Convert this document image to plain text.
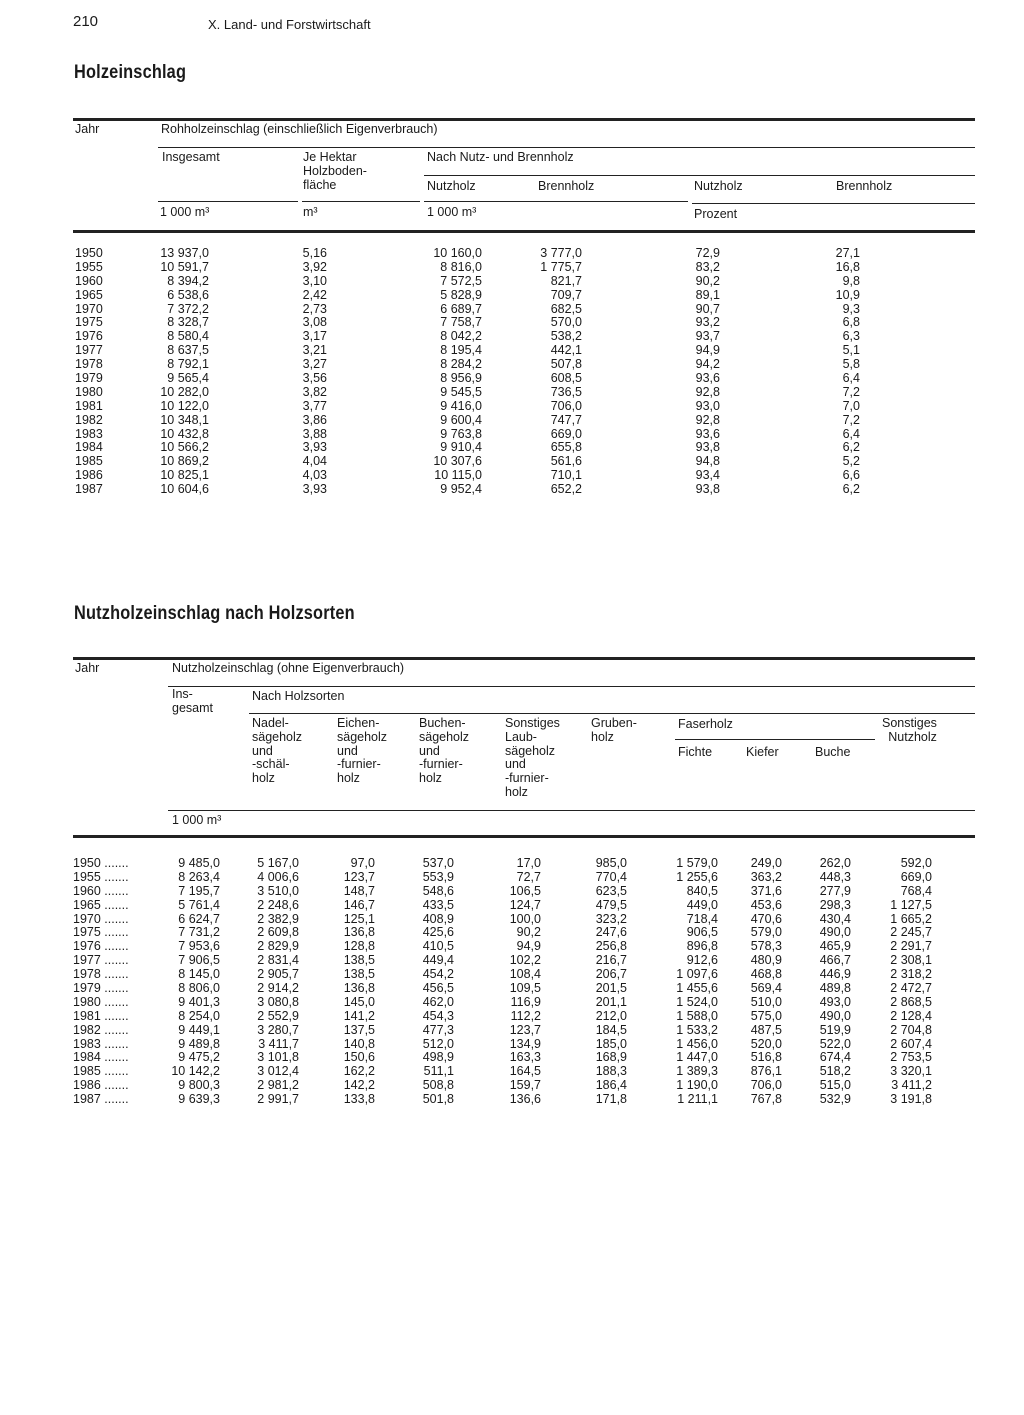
210	X. Land- und Forstwirtschaft
Holzeinschlag
Jahr	Rohholzeinschlag (einschließlich Eigenverbrauch)
Insgesamt	Je Hektar
Holzboden-
fläche
Nach Nutz- und Brennholz
Nutzholz	Brennholz	Nutzholz	Brennholz
1 000 m³	m³	1 000 m³	Prozent
1950	13 937,0	5,16	10 160,0	3 777,0	72,9	27,1
1955	10 591,7	3,92	8 816,0	1 775,7	83,2	16,8
1960	8 394,2	3,10	7 572,5	821,7	90,2	9,8
1965	6 538,6	2,42	5 828,9	709,7	89,1	10,9
1970	7 372,2	2,73	6 689,7	682,5	90,7	9,3
1975	8 328,7	3,08	7 758,7	570,0	93,2	6,8
1976	8 580,4	3,17	8 042,2	538,2	93,7	6,3
1977	8 637,5	3,21	8 195,4	442,1	94,9	5,1
1978	8 792,1	3,27	8 284,2	507,8	94,2	5,8
1979	9 565,4	3,56	8 956,9	608,5	93,6	6,4
1980	10 282,0	3,82	9 545,5	736,5	92,8	7,2
1981	10 122,0	3,77	9 416,0	706,0	93,0	7,0
1982	10 348,1	3,86	9 600,4	747,7	92,8	7,2
1983	10 432,8	3,88	9 763,8	669,0	93,6	6,4
1984	10 566,2	3,93	9 910,4	655,8	93,8	6,2
1985	10 869,2	4,04	10 307,6	561,6	94,8	5,2
1986	10 825,1	4,03	10 115,0	710,1	93,4	6,6
1987	10 604,6	3,93	9 952,4	652,2	93,8	6,2
Nutzholzeinschlag nach Holzsorten
Jahr	Nutzholzeinschlag (ohne Eigenverbrauch)
Ins-
gesamt
Nach Holzsorten
Nadel-
sägeholz
und
-schäl-
holz
Eichen-
sägeholz
und
-furnier-
holz
Buchen-
sägeholz
und
-furnier-
holz
Sonstiges
Laub-
sägeholz
und
-furnier-
holz
Gruben-
holz
Faserholz
Fichte	Kiefer	Buche
Sonstiges
Nutzholz
1 000 m³
1950 .......	9 485,0	5 167,0	97,0	537,0	17,0	985,0	1 579,0	249,0	262,0	592,0
1955 .......	8 263,4	4 006,6	123,7	553,9	72,7	770,4	1 255,6	363,2	448,3	669,0
1960 .......	7 195,7	3 510,0	148,7	548,6	106,5	623,5	840,5	371,6	277,9	768,4
1965 .......	5 761,4	2 248,6	146,7	433,5	124,7	479,5	449,0	453,6	298,3	1 127,5
1970 .......	6 624,7	2 382,9	125,1	408,9	100,0	323,2	718,4	470,6	430,4	1 665,2
1975 .......	7 731,2	2 609,8	136,8	425,6	90,2	247,6	906,5	579,0	490,0	2 245,7
1976 .......	7 953,6	2 829,9	128,8	410,5	94,9	256,8	896,8	578,3	465,9	2 291,7
1977 .......	7 906,5	2 831,4	138,5	449,4	102,2	216,7	912,6	480,9	466,7	2 308,1
1978 .......	8 145,0	2 905,7	138,5	454,2	108,4	206,7	1 097,6	468,8	446,9	2 318,2
1979 .......	8 806,0	2 914,2	136,8	456,5	109,5	201,5	1 455,6	569,4	489,8	2 472,7
1980 .......	9 401,3	3 080,8	145,0	462,0	116,9	201,1	1 524,0	510,0	493,0	2 868,5
1981 .......	8 254,0	2 552,9	141,2	454,3	112,2	212,0	1 588,0	575,0	490,0	2 128,4
1982 .......	9 449,1	3 280,7	137,5	477,3	123,7	184,5	1 533,2	487,5	519,9	2 704,8
1983 .......	9 489,8	3 411,7	140,8	512,0	134,9	185,0	1 456,0	520,0	522,0	2 607,4
1984 .......	9 475,2	3 101,8	150,6	498,9	163,3	168,9	1 447,0	516,8	674,4	2 753,5
1985 .......	10 142,2	3 012,4	162,2	511,1	164,5	188,3	1 389,3	876,1	518,2	3 320,1
1986 .......	9 800,3	2 981,2	142,2	508,8	159,7	186,4	1 190,0	706,0	515,0	3 411,2
1987 .......	9 639,3	2 991,7	133,8	501,8	136,6	171,8	1 211,1	767,8	532,9	3 191,8
